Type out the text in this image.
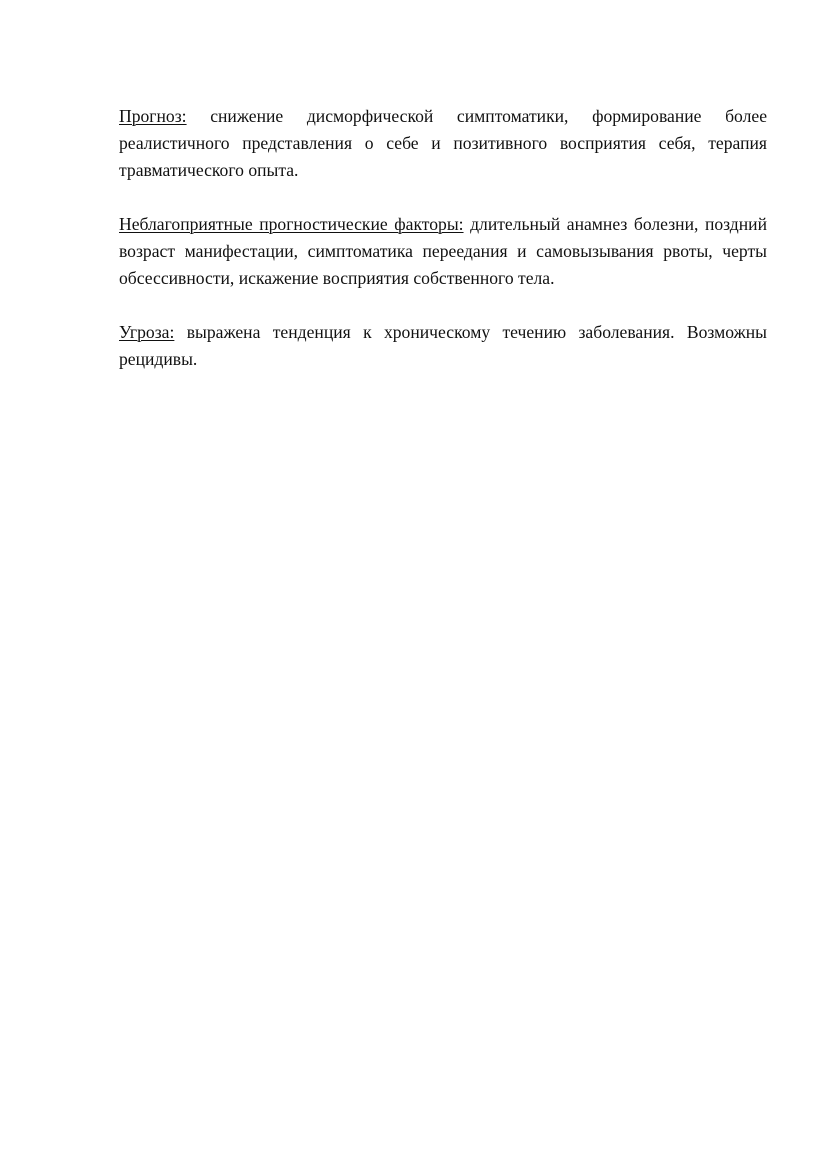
Прогноз: снижение дисморфической симптоматики, формирование более реалистичного представления о себе и позитивного восприятия себя, терапия травматического опыта.

Неблагоприятные прогностические факторы: длительный анамнез болезни, поздний возраст манифестации, симптоматика переедания и самовызывания рвоты, черты обсессивности, искажение восприятия собственного тела.

Угроза: выражена тенденция к хроническому течению заболевания. Возможны рецидивы.
